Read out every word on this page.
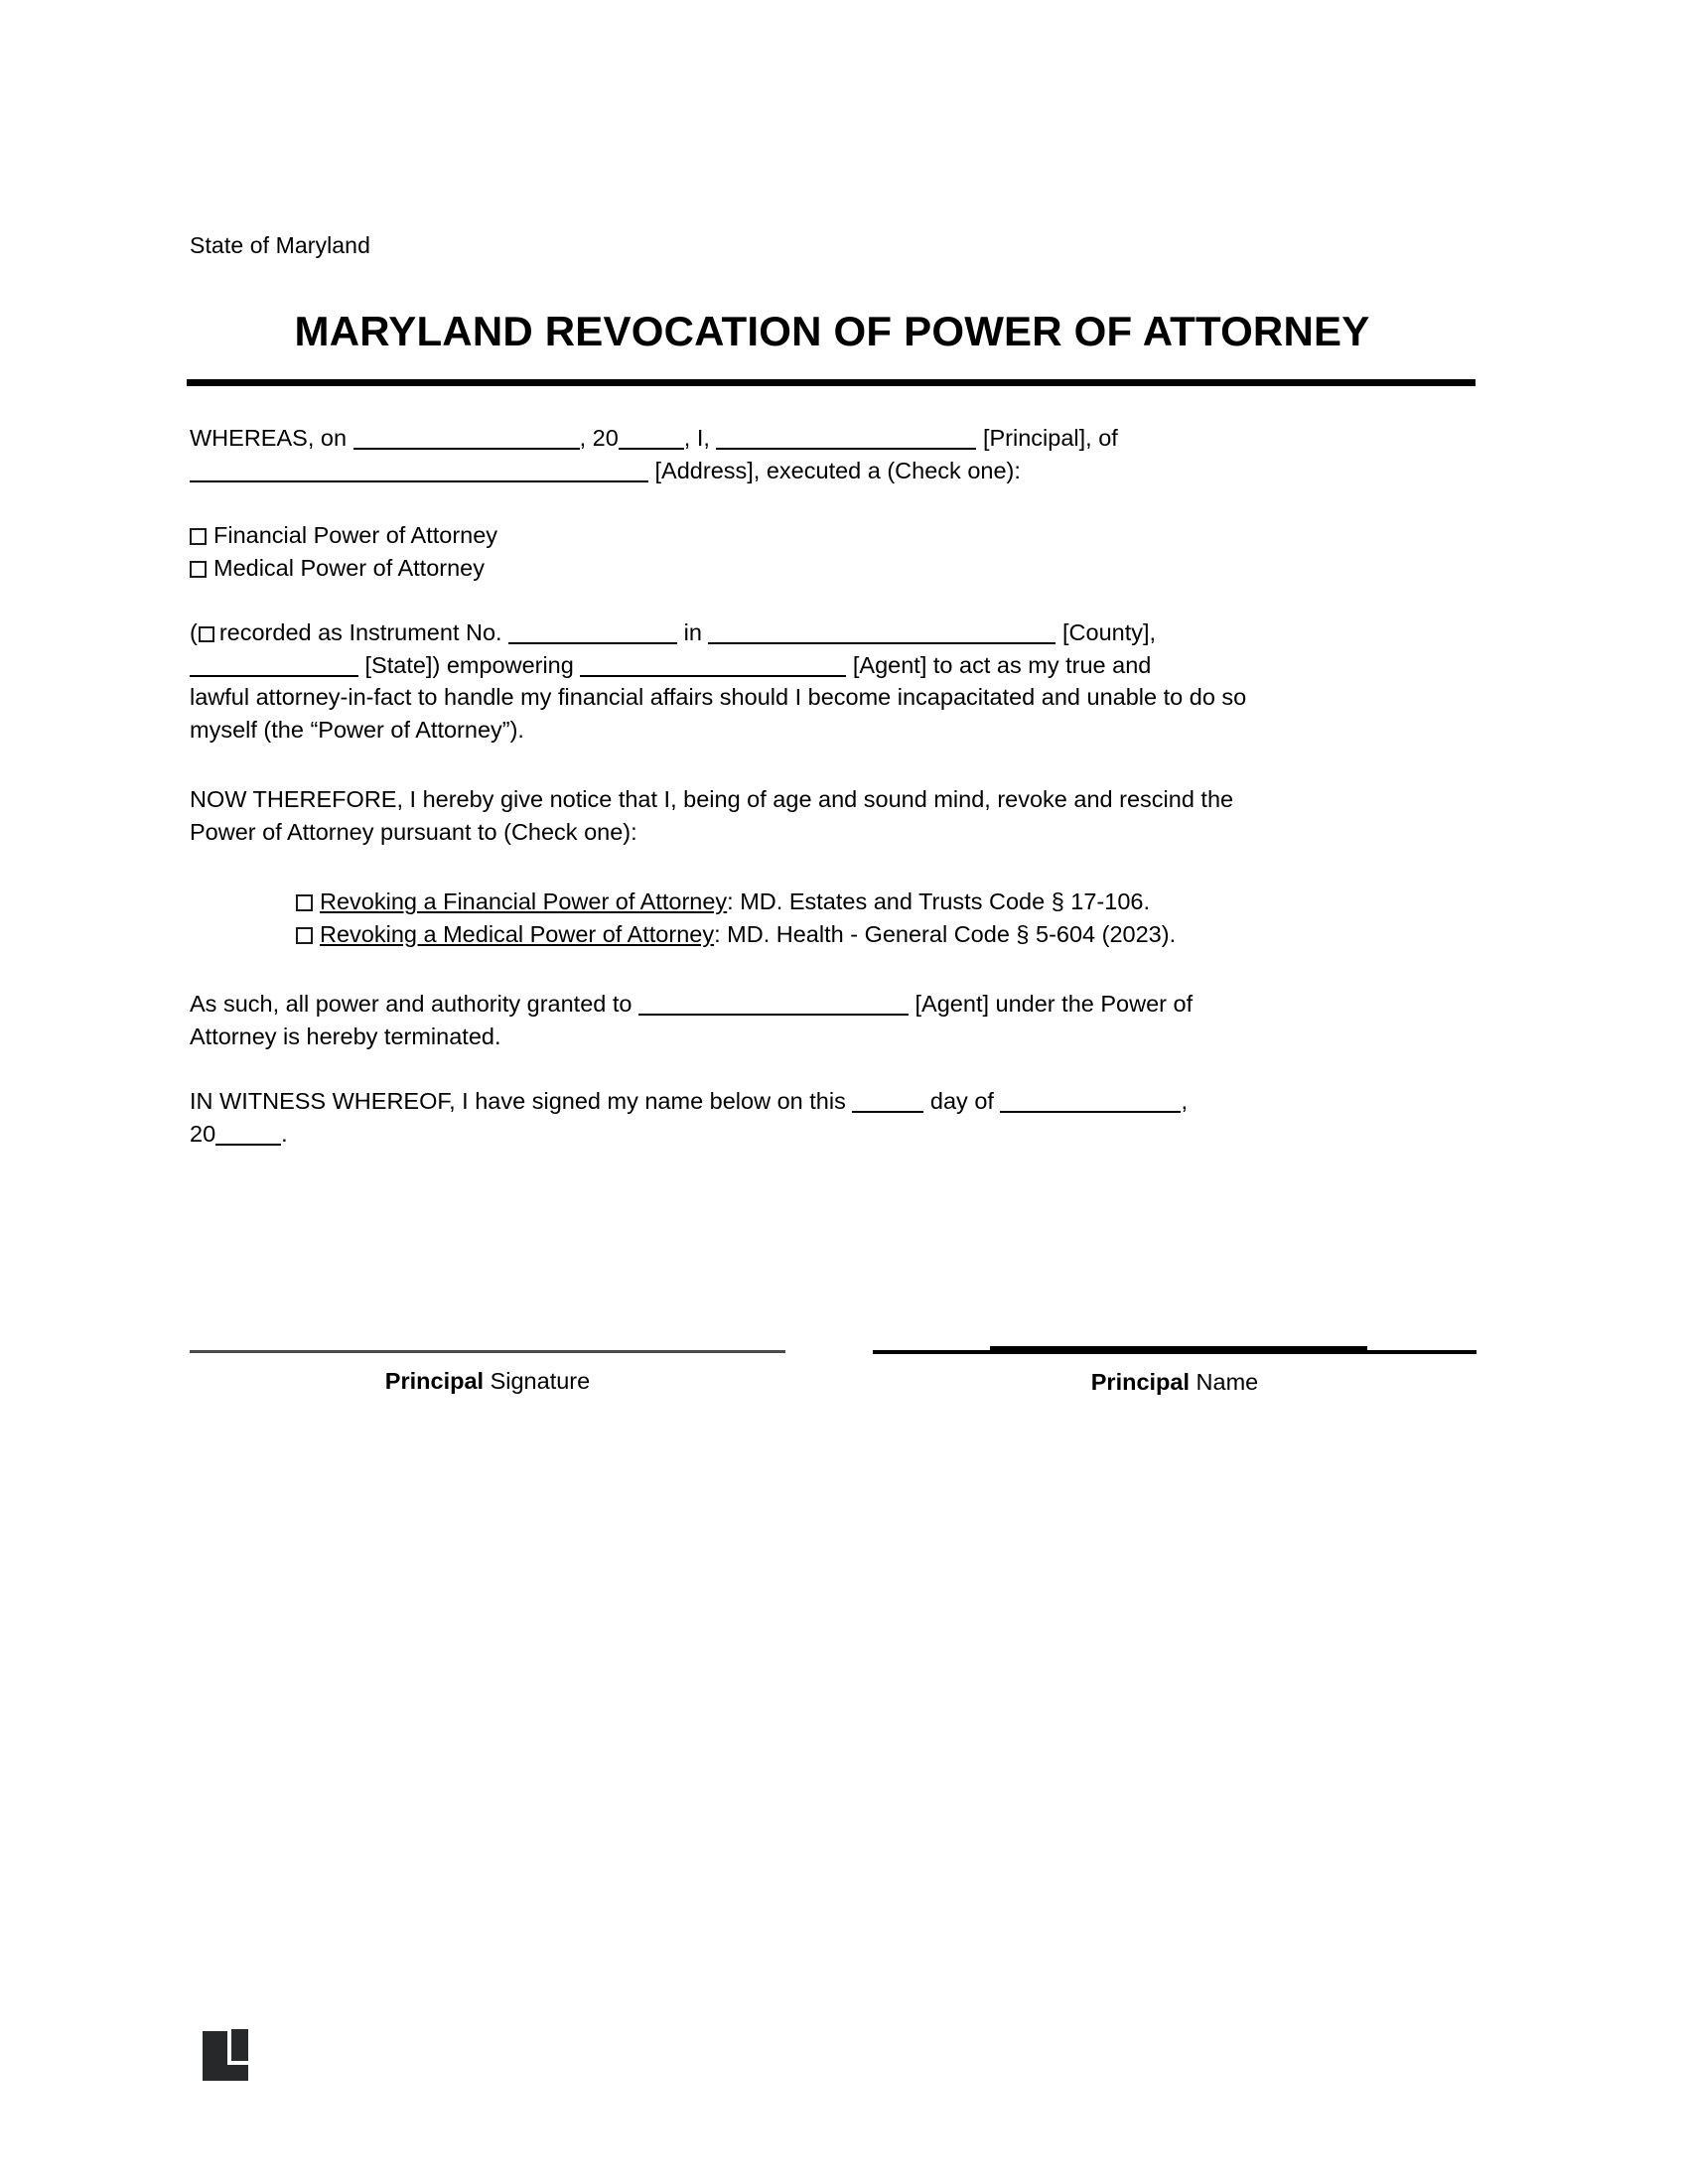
State of Maryland
MARYLAND REVOCATION OF POWER OF ATTORNEY
WHEREAS, on	, 20	, I,	[Principal], of
[Address], executed a (Check one):
Financial Power of Attorney
Medical Power of Attorney
( recorded as Instrument No.	in	[County],
[State]) empowering	[Agent] to act as my true and
lawful attorney-in-fact to handle my financial affairs should I become incapacitated and unable to do so
myself (the “Power of Attorney”).
NOW THEREFORE, I hereby give notice that I, being of age and sound mind, revoke and rescind the
Power of Attorney pursuant to (Check one):
Revoking a Financial Power of Attorney: MD. Estates and Trusts Code § 17-106.
Revoking a Medical Power of Attorney: MD. Health - General Code § 5-604 (2023).
As such, all power and authority granted to	[Agent] under the Power of
Attorney is hereby terminated.
IN WITNESS WHEREOF, I have signed my name below on this	day of	,
20	.
Principal Signature	Principal Name
